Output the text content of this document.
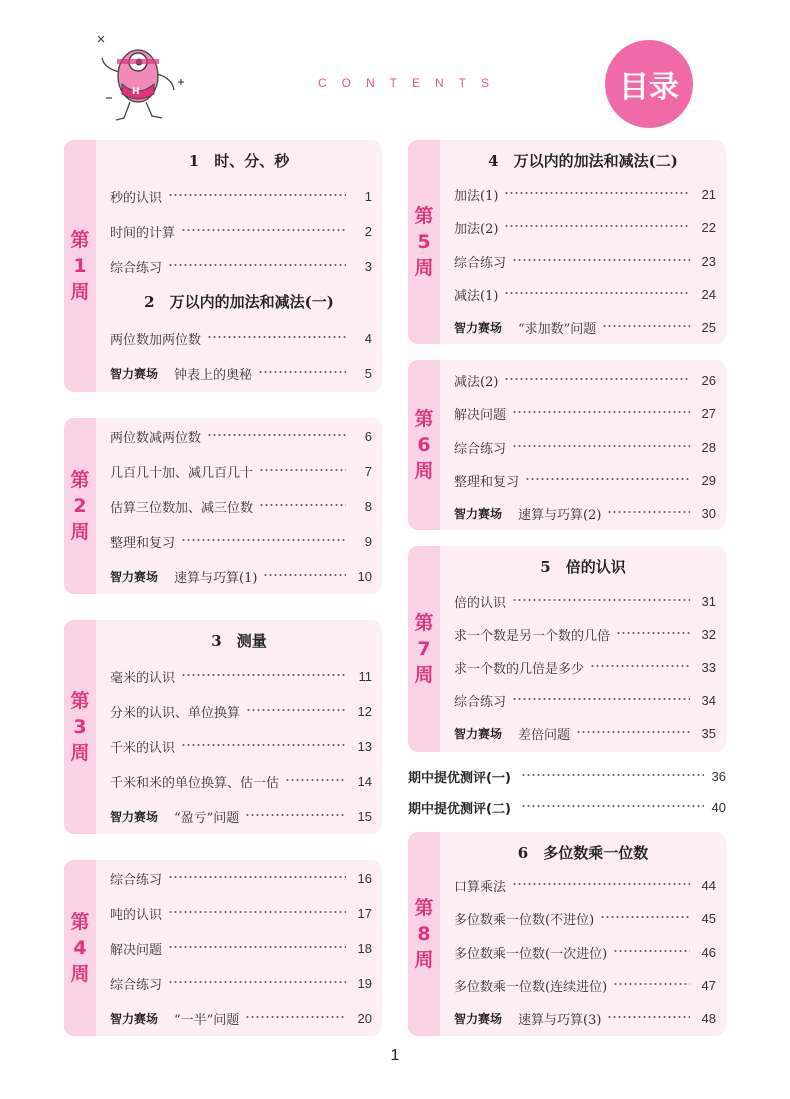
H
CONTENTS	目录
第
1
周
1　时、分、秒
秒的认识	1
时间的计算	2
综合练习	3
2　万以内的加法和减法(一)
两位数加两位数	4
智力赛场 钟表上的奥秘	5
第
2
周
两位数减两位数	6
几百几十加、减几百几十	7
估算三位数加、减三位数	8
整理和复习	9
智力赛场 速算与巧算(1)	10
第
3
周
3　测量
毫米的认识	11
分米的认识、单位换算	12
千米的认识	13
千米和米的单位换算、估一估	14
智力赛场 “盈亏”问题	15
第
4
周
综合练习	16
吨的认识	17
解决问题	18
综合练习	19
智力赛场 “一半”问题	20
第
5
周
4　万以内的加法和减法(二)
加法(1)	21
加法(2)	22
综合练习	23
减法(1)	24
智力赛场 “求加数”问题	25
第
6
周
减法(2)	26
解决问题	27
综合练习	28
整理和复习	29
智力赛场 速算与巧算(2)	30
第
7
周
5　倍的认识
倍的认识	31
求一个数是另一个数的几倍	32
求一个数的几倍是多少	33
综合练习	34
智力赛场 差倍问题	35
期中提优测评(一)	36
期中提优测评(二)	40
第
8
周
6　多位数乘一位数
口算乘法	44
多位数乘一位数(不进位)	45
多位数乘一位数(一次进位)	46
多位数乘一位数(连续进位)	47
智力赛场 速算与巧算(3)	48
1
